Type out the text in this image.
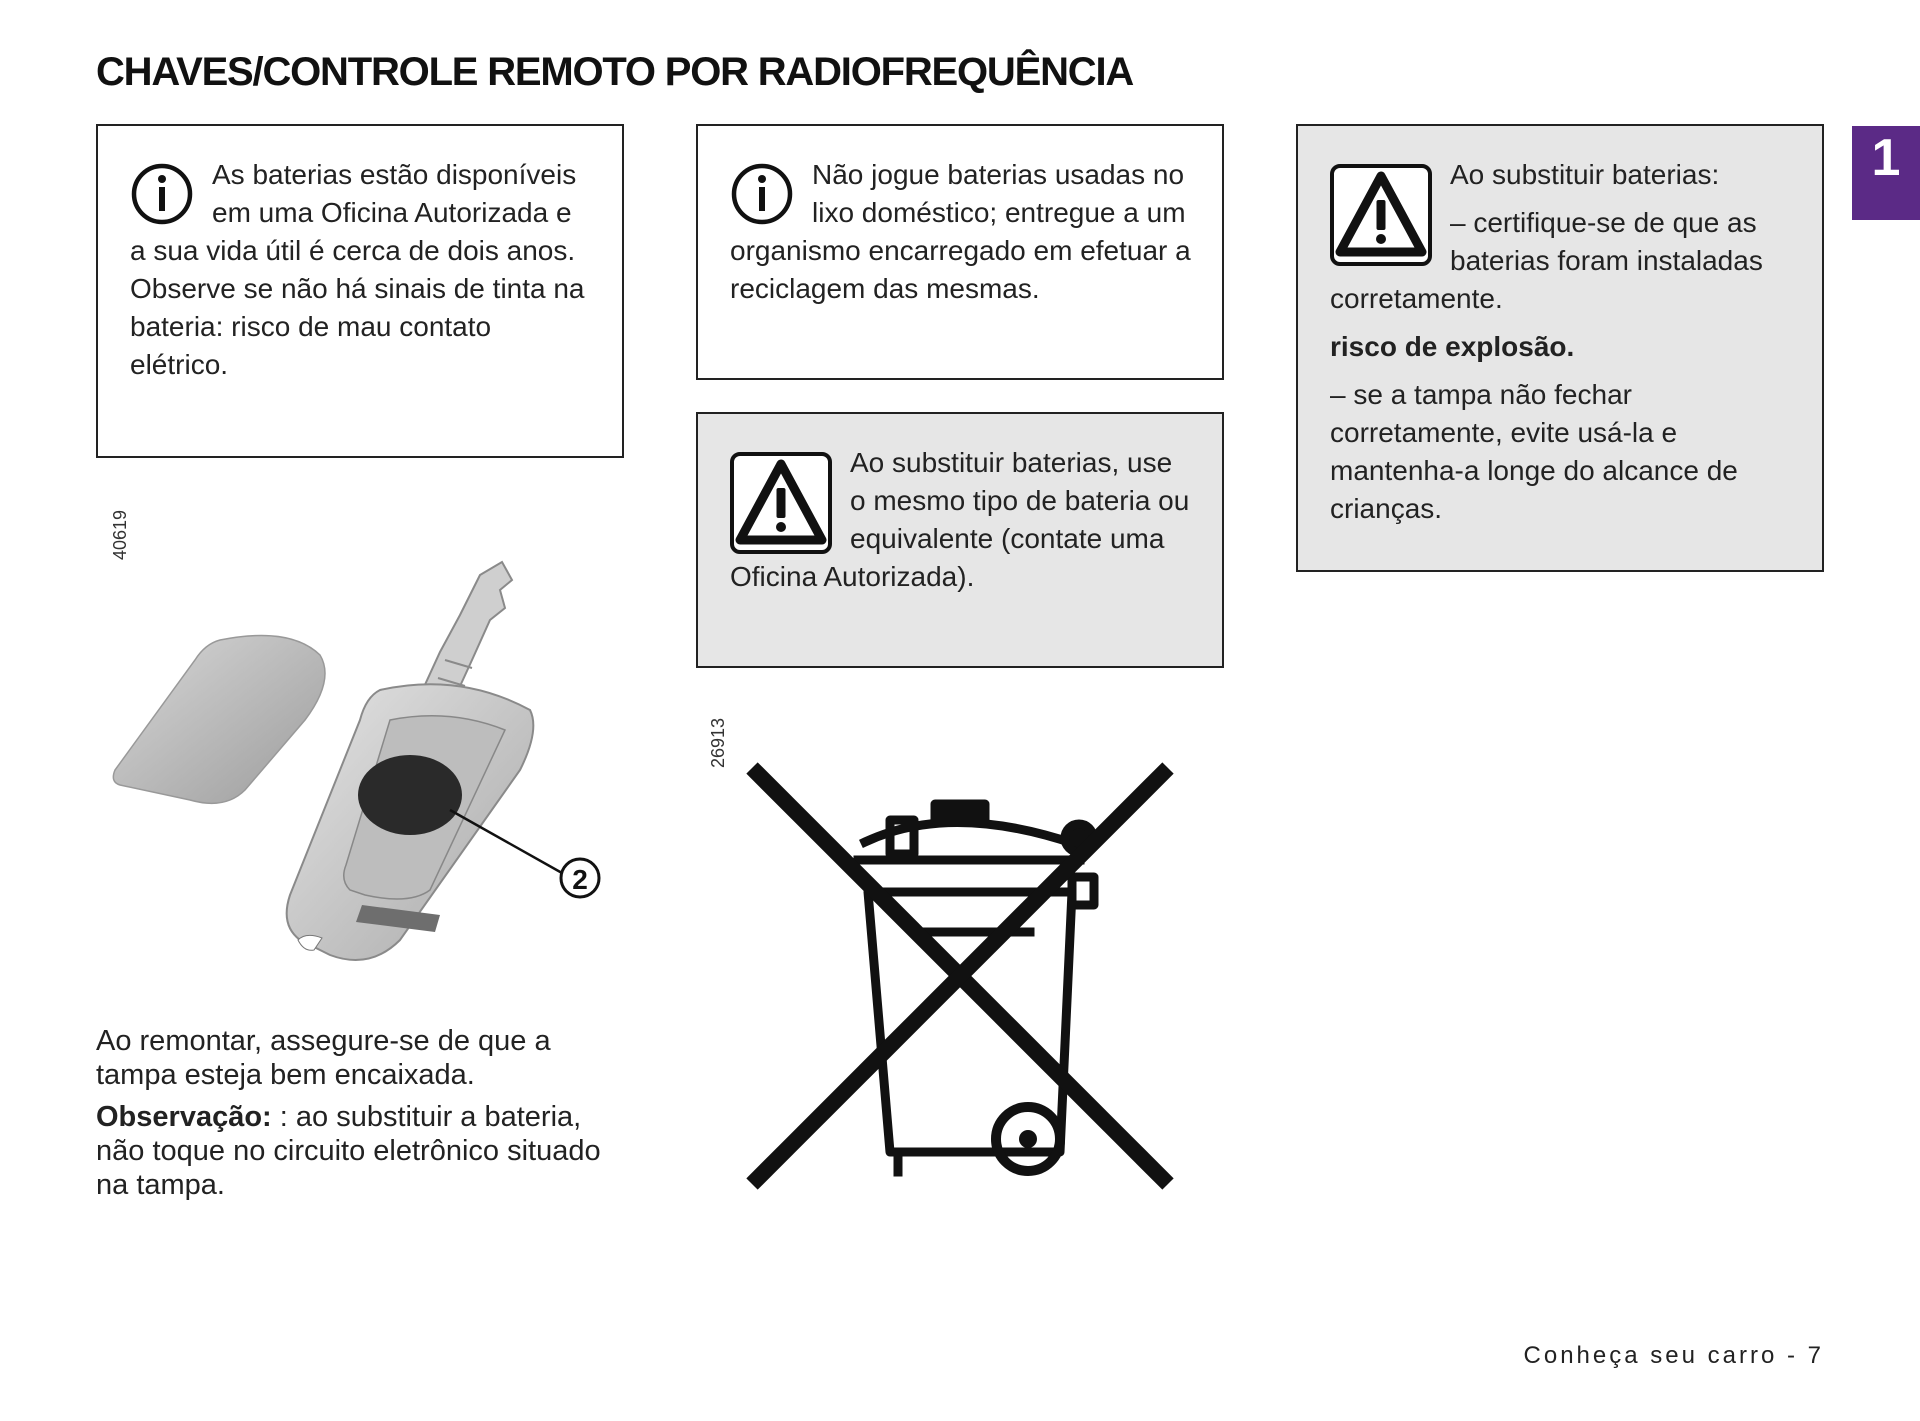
CHAVES/CONTROLE REMOTO POR RADIOFREQUÊNCIA
1

As baterias estão disponíveis em uma Oficina Autorizada e a sua vida útil é cerca de dois anos.

Observe se não há sinais de tinta na bateria: risco de mau contato elétrico.

Não jogue baterias usadas no lixo doméstico; entregue a um organismo encarregado em efetuar a reciclagem das mesmas.

Ao substituir baterias, use o mesmo tipo de bateria ou equivalente (contate uma Oficina Autorizada).

Ao substituir baterias:

– certifique-se de que as baterias foram instaladas corretamente.

risco de explosão.

– se a tampa não fechar corretamente, evite usá-la e mantenha-a longe do alcance de crianças.

40619
2
26913

Ao remontar, assegure-se de que a tampa esteja bem encaixada.

Observação: : ao substituir a bateria, não toque no circuito eletrônico situado na tampa.

Conheça seu carro - 7
